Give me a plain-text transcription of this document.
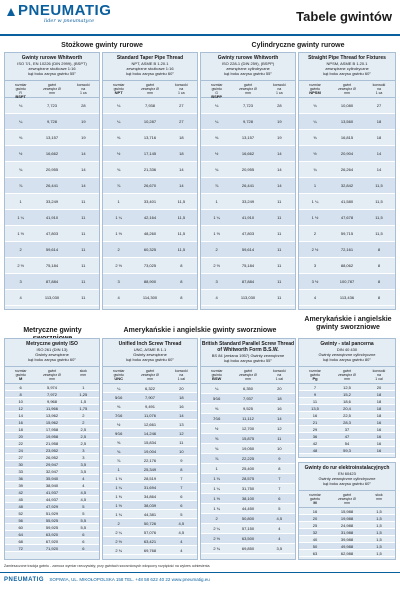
PNEUMATIG
lider w pneumatyce	Tabele gwintów
Stożkowe gwinty rurowe	Cylindryczne gwinty rurowe
Metryczne gwinty	Amerykańskie i angielskie gwinty sworzniowe
Amerykańskie i angielskie gwinty sworzniowe
Gwinty rurowe Whitworth
ISO 7/1, EN 10226 (DIN 2999), (BSPT)
zewnętrzne stożkowe 1:16
kąt boku zarysu gwintu 55°
rozmiar
gwintu
R
BSPT
gwint
zewnętrz Ø
mm
konwoki
na
1 ca
⅛	7,723	28
¼	9,728	19
⅜	13,157	19
½	16,662	14
¾	20,955	14
⅞	26,441	14
1	33,249	11
1 ¼	41,910	11
1 ½	47,803	11
2	59,614	11
2 ½	75,184	11
3	87,884	11
4	113,030	11
Standard Taper Pipe Thread
NPT, ASME B 1.20.1
zewnętrzne stożkowe 1:16
kąt boku zarysu gwintu 60°
rozmiar
gwintu
NPT
gwint
zewnętrz Ø
mm
konwoki
na
1 ca
⅛	7,938	27
¼	10,287	27
⅜	13,716	18
½	17,145	18
¾	21,336	14
⅞	26,670	14
1	33,401	11,5
1 ¼	42,164	11,5
1 ½	48,260	11,5
2	60,325	11,5
2 ½	73,025	8
3	88,900	8
4	114,300	8
Gwinty rurowe Whitworth
ISO 228-1 (DIN 259), (BSPP)
zewnętrzne cylindryczne
kąt boku zarysu gwintu 55°
rozmiar
gwintu
G
BSPP
gwint
zewnętrz Ø
mm
konwoki
na
1 ca
⅛	7,723	28
¼	9,728	19
⅜	13,157	19
½	16,662	14
¾	20,955	14
⅞	26,441	14
1	33,249	11
1 ¼	41,910	11
1 ½	47,803	11
2	59,614	11
2 ½	75,184	11
3	87,884	11
4	113,030	11
Straight Pipe Thread for Fixtures
NPSM, ASME B 1.20.1
zewnętrzne cylindryczne
kąt boku zarysu gwintu 60°
rozmiar
gwintu
NPSM
gwint
zewnętrz Ø
mm
konwoki
na
1 ca
⅛	10,080	27
¼	13,560	18
⅜	16,815	18
½	20,904	14
¾	26,264	14
1	32,842	11,5
1 ¼	41,580	11,5
1 ½	47,678	11,5
2	59,715	11,5
2 ½	72,161	8
3	88,062	8
3 ½	100,787	8
4	113,436	8
Metryczne gwinty ISO
ISO 261 (DIN 13)
Gwinty zewnętrzne
kąt boku zarysu gwintu 60°
rozmiar
gwintu
M
gwint
zewnętrz Ø
mm
skok
mm
6	5,974	1
8	7,972	1,25
10	9,968	1,5
12	11,966	1,75
14	13,962	2
16	15,962	2
18	17,958	2,5
20	19,958	2,5
22	21,958	2,5
24	23,952	3
27	26,952	3
30	29,947	3,5
33	32,947	3,5
36	35,940	4
39	38,940	4
42	41,937	4,5
45	44,937	4,5
48	47,929	5
52	51,929	5
56	55,925	5,5
60	59,925	5,5
64	63,920	6
68	67,920	6
72	71,920	6
Unified Inch Screw Thread
UNC, ASME B 1.1
Gwinty zewnętrzne
kąt boku zarysu gwintu 60°
rozmiar
gwintu
UNC
gwint
zewnętrz Ø
mm
konwoki
na
1 cal
¼	6,322	20
5⁄16	7,907	18
⅜	9,491	16
7⁄16	11,076	14
½	12,661	13
9⁄16	14,246	12
⅝	15,834	11
¾	19,004	10
⅞	22,176	9
1	25,349	8
1 ⅛	28,519	7
1 ¼	31,694	7
1 ⅜	34,864	6
1 ½	38,039	6
1 ¾	44,381	5
2	50,726	4,5
2 ¼	57,076	4,5
2 ½	63,421	4
2 ¾	69,768	4
British Standard Parallel Screw Thread of Whitworth Form B.S.W.
BS 84 (zmiana 1957) Gwinty zewnętrzne
kąt boku zarysu gwintu 55°
rozmiar
gwintu
BSW
gwint
zewnętrz Ø
mm
konwoki
na
1 cal
¼	6,350	20
5⁄16	7,937	18
⅜	9,525	16
7⁄16	11,112	14
½	12,700	12
⅝	15,875	11
¾	19,050	10
⅞	22,225	9
1	25,400	8
1 ⅛	28,575	7
1 ¼	31,750	7
1 ½	38,100	6
1 ¾	44,450	5
2	50,800	4,5
2 ¼	57,150	4
2 ½	63,500	4
2 ¾	69,850	3,5
Gwinty - stal pancerna
DIN 40 430
Gwinty zewnętrzne cylindryczne
kąt boku zarysu gwintu 80°
rozmiar
gwintu
Pg
gwint
zewnętrz Ø
mm
konwoki
na
1 cal
7	12,5	20
9	15,2	18
11	18,6	18
13,5	20,4	18
16	22,5	18
21	28,3	16
29	37	16
36	47	16
42	54	16
48	59,3	16
Gwinty do rur elektroinstalacyjnych
EN 60423
Gwinty zewnętrzne cylindryczne
kąt boku zarysu gwintu 60°
rozmiar
gwintu
M
gwint
zewnętrz Ø
mm
skok
mm
16	15,988	1,5
20	19,988	1,5
25	24,988	1,5
32	31,988	1,5
40	39,988	1,5
50	49,988	1,5
63	62,988	1,5
Zamieszczone tradcja gwintu - zamocz wymiar rzeczywisty; przy gwintach sworzniowych wkręcony rozpiętość na wykres odniesienia.
PNEUMATIG SOPIWIA, UL. MIKOŁOPOLSKA 158 TEL. +48 58 622 40 22 www.pneumatig.eu
